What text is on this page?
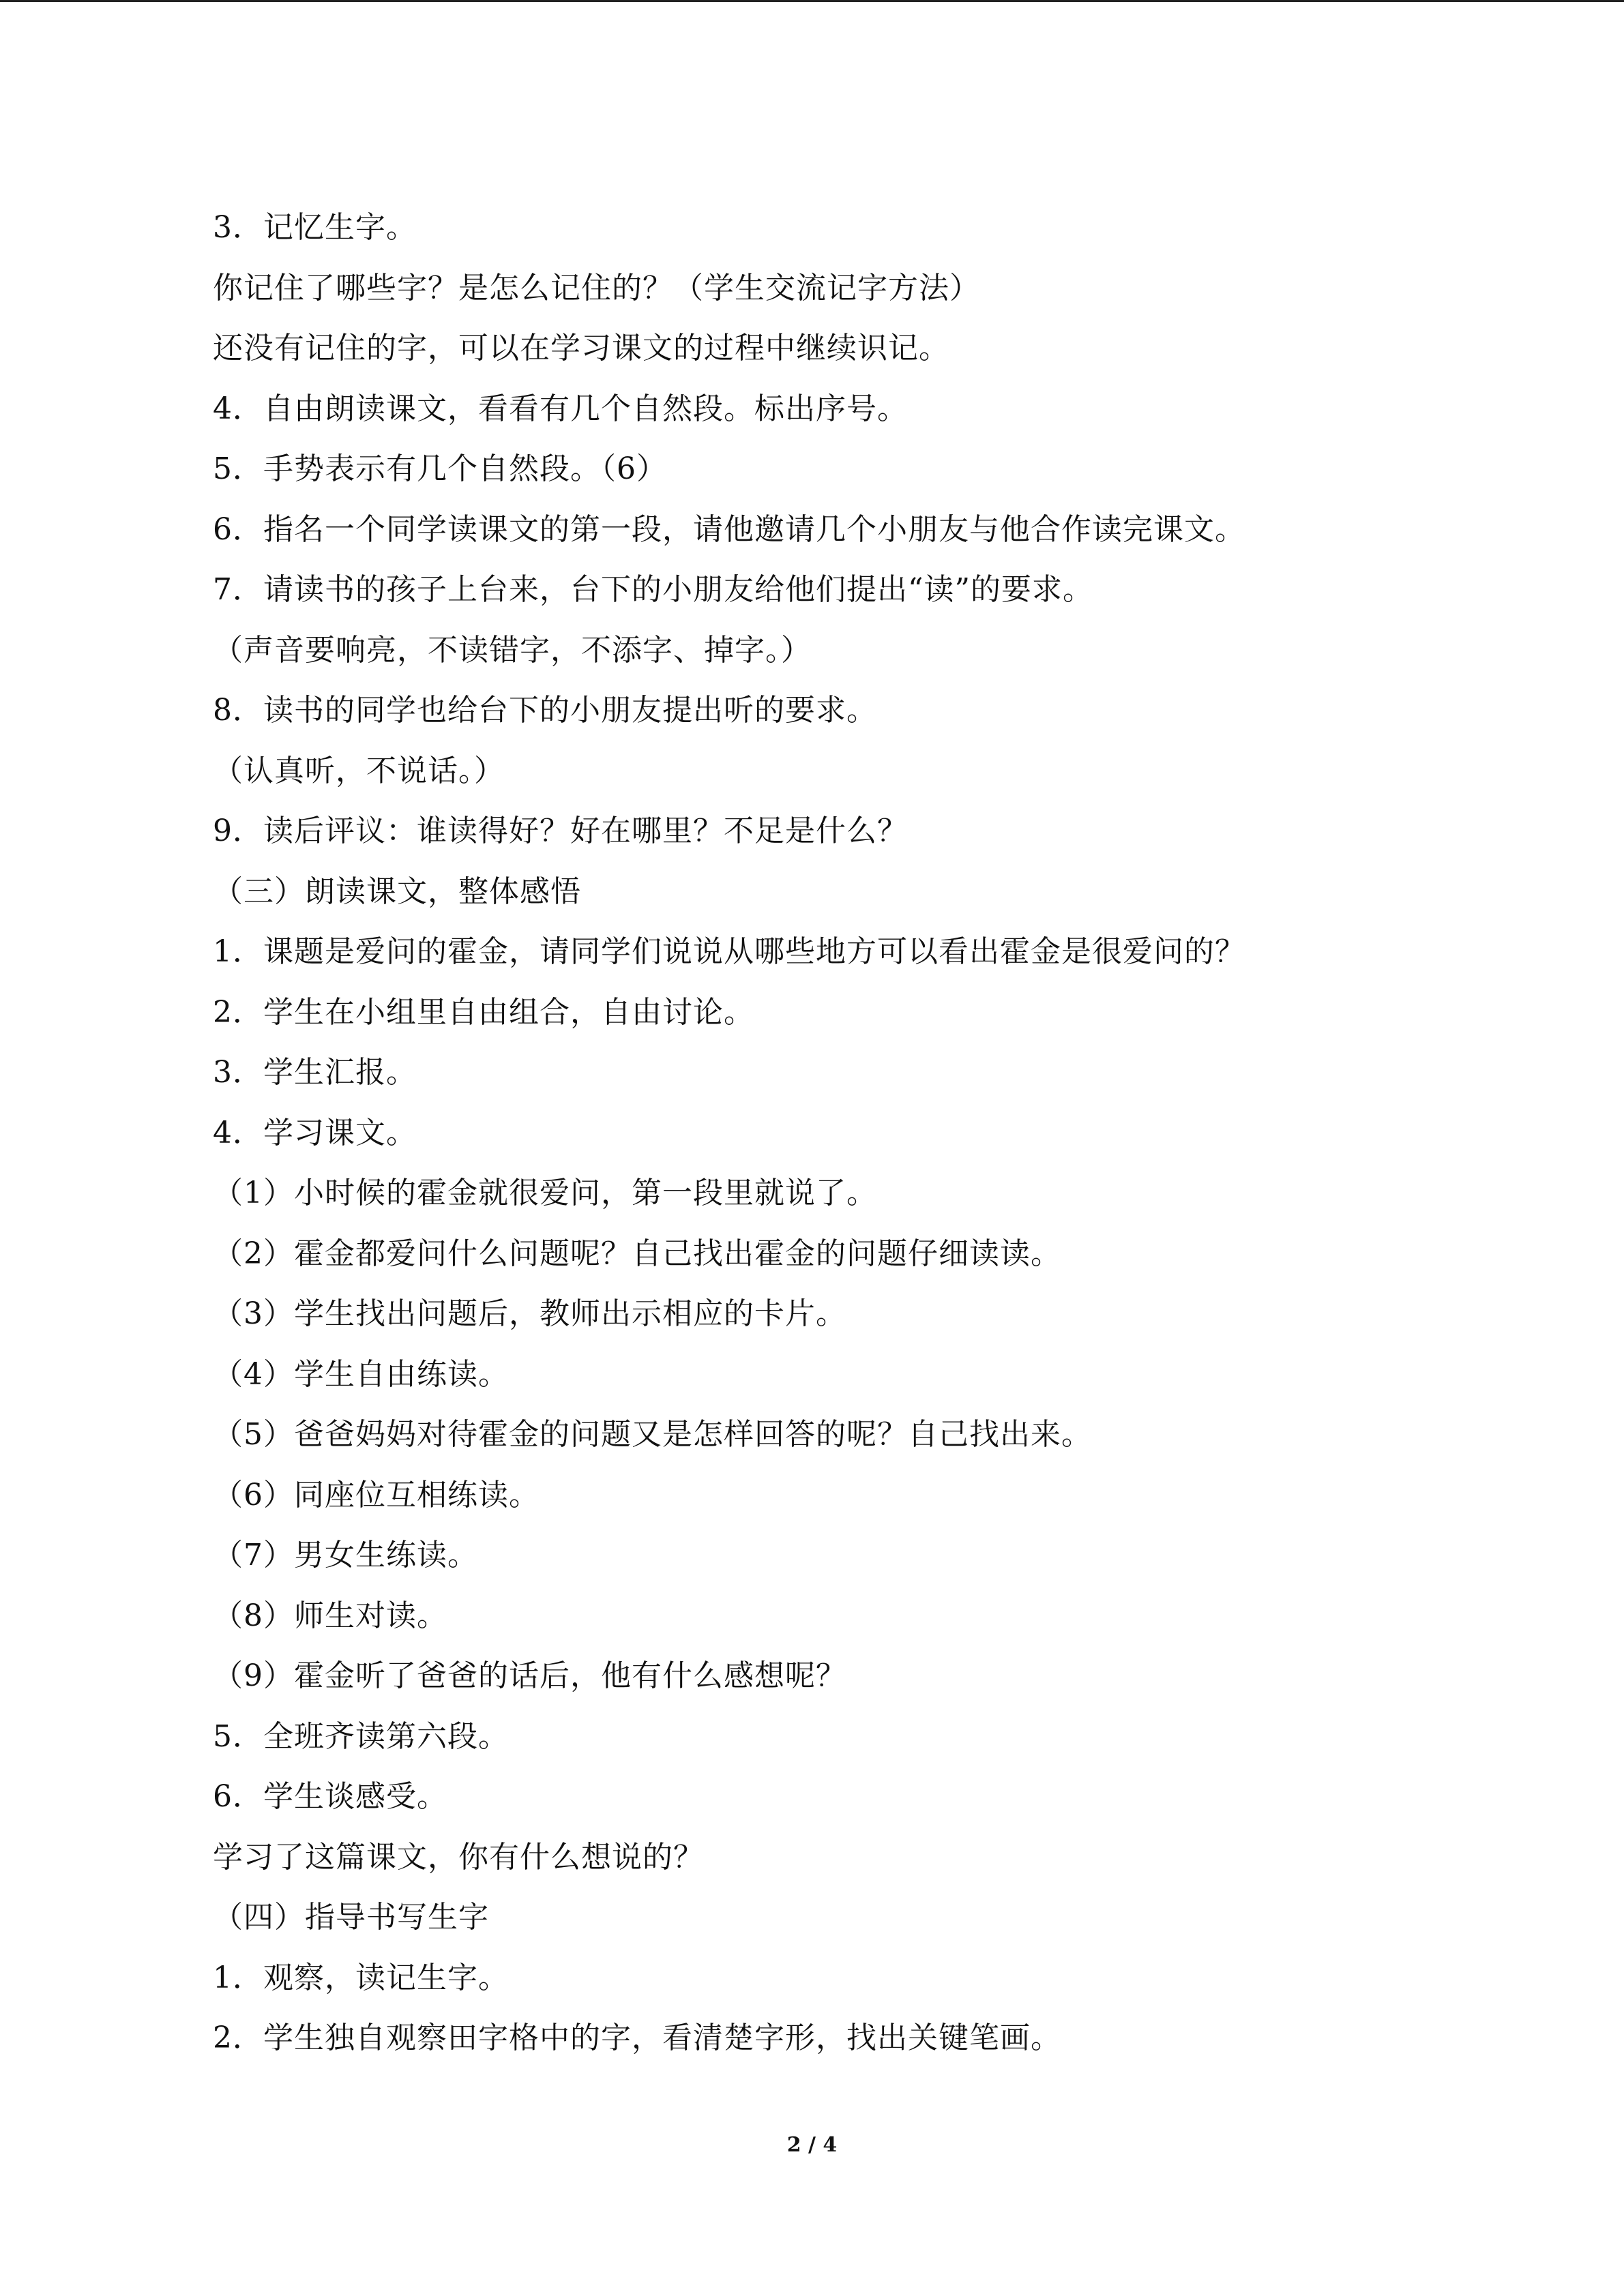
3．记忆生字。
你记住了哪些字？是怎么记住的？（学生交流记字方法）
还没有记住的字，可以在学习课文的过程中继续识记。
4．自由朗读课文，看看有几个自然段。标出序号。
5．手势表示有几个自然段。（6）
6．指名一个同学读课文的第一段，请他邀请几个小朋友与他合作读完课文。
7．请读书的孩子上台来，台下的小朋友给他们提出“读”的要求。
（声音要响亮，不读错字，不添字、掉字。）
8．读书的同学也给台下的小朋友提出听的要求。
（认真听，不说话。）
9．读后评议：谁读得好？好在哪里？不足是什么？
（三）朗读课文，整体感悟
1．课题是爱问的霍金，请同学们说说从哪些地方可以看出霍金是很爱问的？
2．学生在小组里自由组合，自由讨论。
3．学生汇报。
4．学习课文。
（1）小时候的霍金就很爱问，第一段里就说了。
（2）霍金都爱问什么问题呢？自己找出霍金的问题仔细读读。
（3）学生找出问题后，教师出示相应的卡片。
（4）学生自由练读。
（5）爸爸妈妈对待霍金的问题又是怎样回答的呢？自己找出来。
（6）同座位互相练读。
（7）男女生练读。
（8）师生对读。
（9）霍金听了爸爸的话后，他有什么感想呢？
5．全班齐读第六段。
6．学生谈感受。
学习了这篇课文，你有什么想说的？
（四）指导书写生字
1．观察，读记生字。
2．学生独自观察田字格中的字，看清楚字形，找出关键笔画。
2 / 4
